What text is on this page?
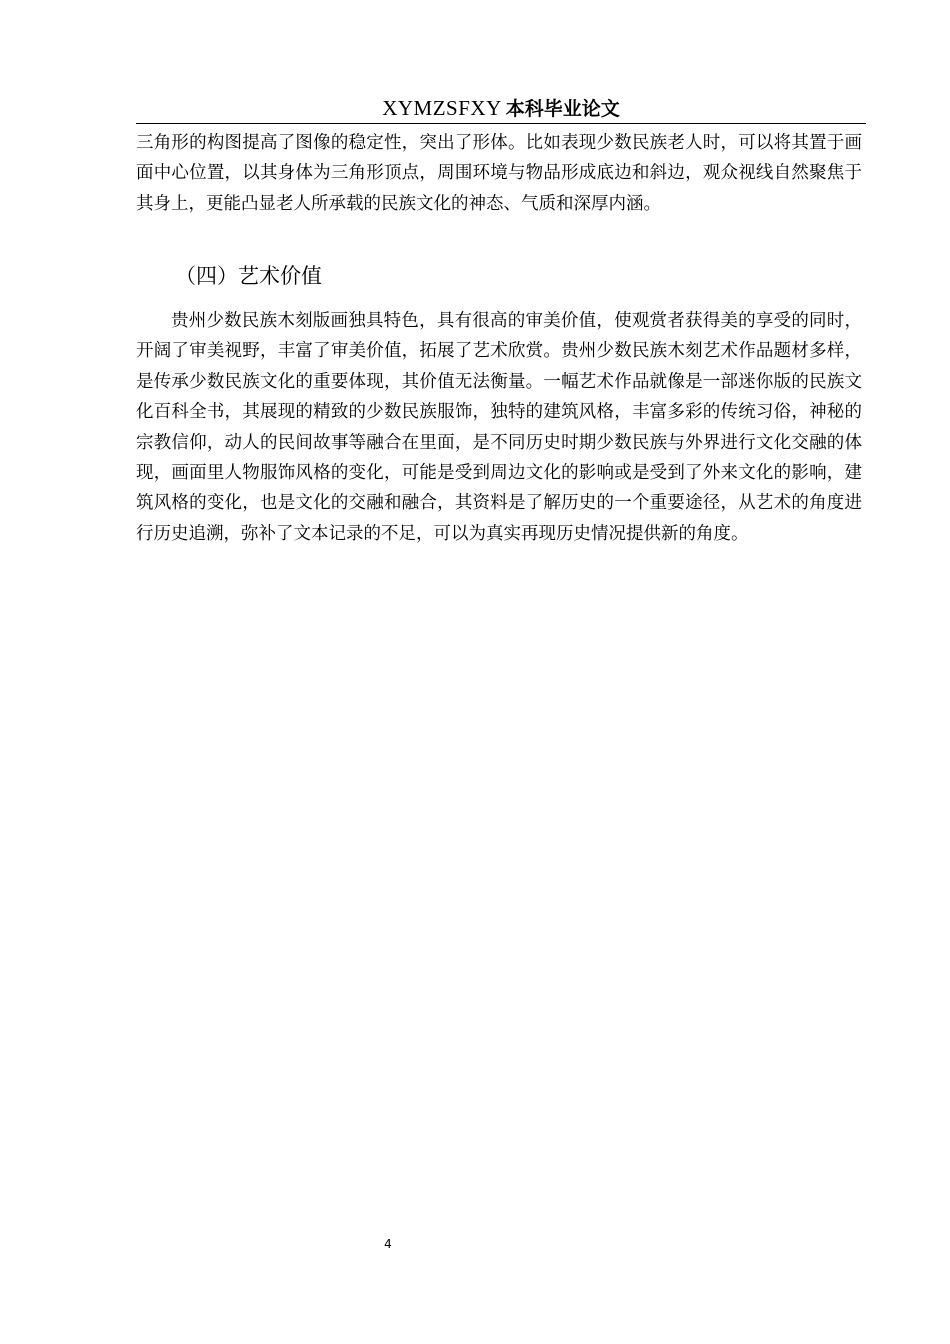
XYMZSFXY 本科毕业论文

三角形的构图提高了图像的稳定性，突出了形体。比如表现少数民族老人时，可以将其置于画面中心位置，以其身体为三角形顶点，周围环境与物品形成底边和斜边，观众视线自然聚焦于其身上，更能凸显老人所承载的民族文化的神态、气质和深厚内涵。

（四）艺术价值

贵州少数民族木刻版画独具特色，具有很高的审美价值，使观赏者获得美的享受的同时，开阔了审美视野，丰富了审美价值，拓展了艺术欣赏。贵州少数民族木刻艺术作品题材多样，是传承少数民族文化的重要体现，其价值无法衡量。一幅艺术作品就像是一部迷你版的民族文化百科全书，其展现的精致的少数民族服饰，独特的建筑风格，丰富多彩的传统习俗，神秘的宗教信仰，动人的民间故事等融合在里面，是不同历史时期少数民族与外界进行文化交融的体现，画面里人物服饰风格的变化，可能是受到周边文化的影响或是受到了外来文化的影响，建筑风格的变化，也是文化的交融和融合，其资料是了解历史的一个重要途径，从艺术的角度进行历史追溯，弥补了文本记录的不足，可以为真实再现历史情况提供新的角度。

4
